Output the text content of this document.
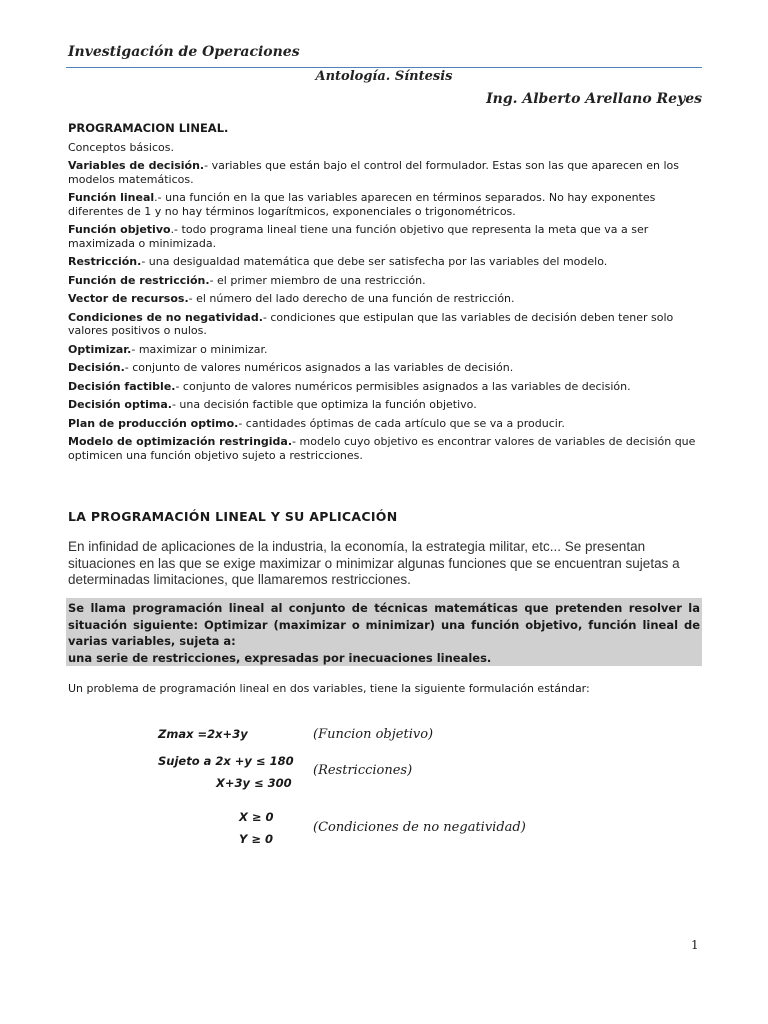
Investigación de Operaciones
Antología. Síntesis
Ing. Alberto Arellano Reyes
PROGRAMACION LINEAL.
Conceptos básicos.
Variables de decisión.- variables que están bajo el control del formulador. Estas son las que aparecen en los modelos matemáticos.
Función lineal.- una función en la que las variables aparecen en términos separados. No hay exponentes diferentes de 1 y no hay términos logarítmicos, exponenciales o trigonométricos.
Función objetivo.- todo programa lineal tiene una función objetivo que representa la meta que va a ser maximizada o minimizada.
Restricción.- una desigualdad matemática que debe ser satisfecha por las variables del modelo.
Función de restricción.- el primer miembro de una restricción.
Vector de recursos.- el número del lado derecho de una función de restricción.
Condiciones de no negatividad.- condiciones que estipulan que las variables de decisión deben tener solo valores positivos o nulos.
Optimizar.- maximizar o minimizar.
Decisión.- conjunto de valores numéricos asignados a las variables de decisión.
Decisión factible.- conjunto de valores numéricos permisibles asignados a las variables de decisión.
Decisión optima.- una decisión factible que optimiza la función objetivo.
Plan de producción optimo.- cantidades óptimas de cada artículo que se va a producir.
Modelo de optimización restringida.- modelo cuyo objetivo es encontrar valores de variables de decisión que optimicen una función objetivo sujeto a restricciones.
LA PROGRAMACIÓN LINEAL Y SU APLICACIÓN
En infinidad de aplicaciones de la industria, la economía, la estrategia militar, etc... Se presentan situaciones en las que se exige maximizar o minimizar algunas funciones que se encuentran sujetas a determinadas limitaciones, que llamaremos restricciones.
Se llama programación lineal al conjunto de técnicas matemáticas que pretenden resolver la situación siguiente: Optimizar (maximizar o minimizar) una función objetivo, función lineal de varias variables, sujeta a:
una serie de restricciones, expresadas por inecuaciones lineales.
Un problema de programación lineal en dos variables, tiene la siguiente formulación estándar:
Zmax =2x+3y	(Funcion objetivo)
Sujeto a 2x +y ≤ 180
X+3y ≤ 300
(Restricciones)
X ≥ 0
Y ≥ 0
(Condiciones de no negatividad)
1
